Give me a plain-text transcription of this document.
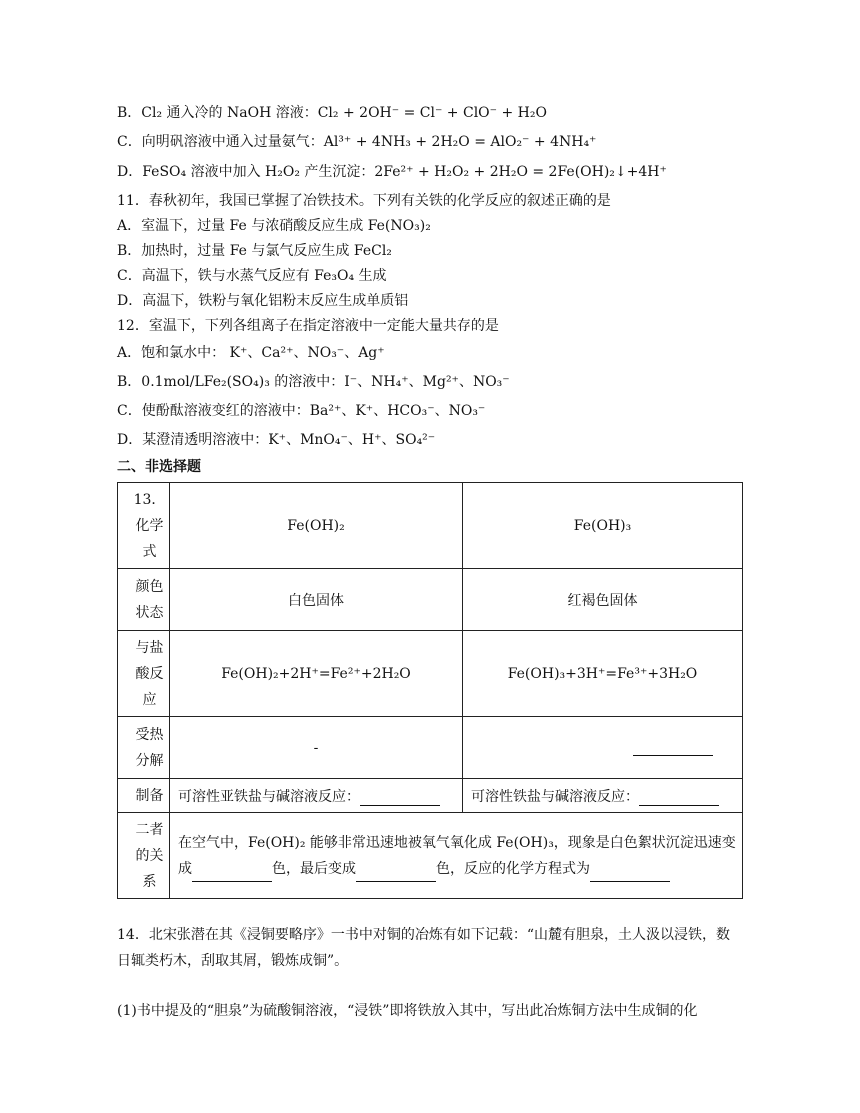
B．Cl₂ 通入冷的 NaOH 溶液：Cl₂ + 2OH⁻ = Cl⁻ + ClO⁻ + H₂O
C．向明矾溶液中通入过量氨气：Al³⁺ + 4NH₃ + 2H₂O = AlO₂⁻ + 4NH₄⁺
D．FeSO₄ 溶液中加入 H₂O₂ 产生沉淀：2Fe²⁺ + H₂O₂ + 2H₂O = 2Fe(OH)₂↓+4H⁺
11．春秋初年，我国已掌握了冶铁技术。下列有关铁的化学反应的叙述正确的是
A．室温下，过量 Fe 与浓硝酸反应生成 Fe(NO₃)₂
B．加热时，过量 Fe 与氯气反应生成 FeCl₂
C．高温下，铁与水蒸气反应有 Fe₃O₄ 生成
D．高温下，铁粉与氧化铝粉末反应生成单质铝
12．室温下，下列各组离子在指定溶液中一定能大量共存的是
A．饱和氯水中： K⁺、Ca²⁺、NO₃⁻、Ag⁺
B．0.1mol/LFe₂(SO₄)₃ 的溶液中：I⁻、NH₄⁺、Mg²⁺、NO₃⁻
C．使酚酞溶液变红的溶液中：Ba²⁺、K⁺、HCO₃⁻、NO₃⁻
D．某澄清透明溶液中：K⁺、MnO₄⁻、H⁺、SO₄²⁻
二、非选择题
13．化学式	Fe(OH)₂	Fe(OH)₃
颜色状态	白色固体	红褐色固体
与盐酸反应	Fe(OH)₂+2H⁺=Fe²⁺+2H₂O	Fe(OH)₃+3H⁺=Fe³⁺+3H₂O
受热分解	-	
制备	可溶性亚铁盐与碱溶液反应：	可溶性铁盐与碱溶液反应：
二者的关系	在空气中，Fe(OH)₂ 能够非常迅速地被氧气氧化成 Fe(OH)₃，现象是白色絮状沉淀迅速变成 色，最后变成 色，反应的化学方程式为	
14．北宋张潜在其《浸铜要略序》一书中对铜的冶炼有如下记载：“山麓有胆泉，土人汲以浸铁，数日辄类朽木，刮取其屑，锻炼成铜”。
(1)书中提及的“胆泉”为硫酸铜溶液，“浸铁”即将铁放入其中，写出此冶炼铜方法中生成铜的化
